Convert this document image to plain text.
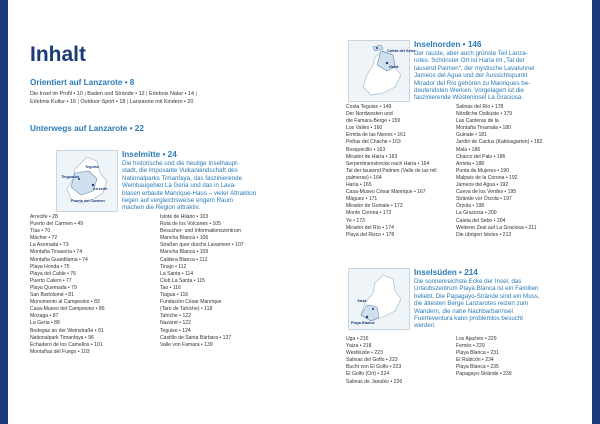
Inhalt
Orientiert auf Lanzarote • 8
Die Insel im Profil • 10 | Baden und Strände • 12 | Erlebnis Natur • 14 |
Erlebnis Kultur • 16 | Outdoor-Sport • 18 | Lanzarote mit Kindern • 20
Unterwegs auf Lanzarote • 22
Tinguaton
Teguise
Arrecife
Puerto del Carmen
Inselmitte • 24
Die historische und die heutige Inselhaupt-
stadt, die imposante Vulkanlandschaft des
Nationalparks Timanfaya, das faszinierende
Weinbaugebiet La Geria und das in Lava-
blasen erbaute Manrique-Haus – vieler Attraktion
liegen auf vergleichsweise engem Raum
machen die Region attraktiv.
Arrecife • 28
Puerto del Carmen • 49
Tías • 70
Mácher • 72
La Asomada • 73
Montaña Tinasoria • 74
Montaña Guardilama • 74
Playa Honda • 75
Playa del Cable • 76
Puerto Calero • 77
Playa Quemada • 79
San Bartolomé • 81
Monumento al Campesino • 83
Casa-Museo del Campesino • 86
Mozaga • 87
La Geria • 88
Bodegas an der Weinstraße • 91
Nationalpark Timanfaya • 96
Echadero de los Camellos • 101
Montañas del Fuego • 103
Islote de Hilario • 103
Ruta de los Volcanes • 105
Besucher- und Informationszentrum
Mancha Blanca • 106
Straßen quer durchs Lavameer • 107
Mancha Blanca • 109
Caldera Blanca • 112
Tinajo • 112
La Santa • 114
Club La Santa • 115
Tao • 116
Tiagua • 116
Fundación César Manrique
(Taro de Tahíche) • 118
Tahíche • 122
Nazaret • 122
Teguise • 124
Castillo de Santa Bárbara • 137
Valle von Famara • 139
Caleta del Sebo
Haría
Inselnorden • 146
Der rauste, aber auch grünste Teil Lanza-
rotes. Schönster Ort ist Haría im „Tal der
tausend Palmen“, der mystische Lavatunnel
Jameos del Agua und der Aussichtspunkt
Mirador del Río gehören zu Manriques be-
deutendsten Werken. Vorgelagert ist die
faszinierende Wüsteninsel La Graciosa.
Costa Teguise • 149
Der Nordwesten und
die Famara-Berge • 159
Los Valles • 160
Ermita de las Nieves • 161
Peñas del Chache • 163
Bosquecillo • 163
Mirador de Haría • 163
Serpentinenstrecke nach Haría • 164
Tal der tausend Palmen (Valle de las mil
palmeras) • 164
Haría • 165
Casa-Museo César Manrique • 167
Máguez • 171
Mirador de Guinate • 172
Monte Corona • 172
Ye • 173
Mirador del Río • 174
Playa del Risco • 178
Salinas del Río • 178
Nördliche Ostküste • 179
Las Canteras de la
Montaña Tinamala • 180
Guinate • 181
Jardín de Cactus (Kaktusgarten) • 182
Mala • 186
Charco del Palo • 186
Arrieta • 188
Punta de Mujeres • 190
Malpaís de la Corona • 192
Jameos del Agua • 192
Cueva de los Verdes • 195
Strände vor Órzola • 197
Órzola • 198
La Graciosa • 200
Caleta del Sebo • 204
Weiterer Zeal auf La Graciosa • 211
Die übrigen Islotes • 212
Yaiza
Playa Blanca
Inselsüden • 214
Die sonnenreichste Ecke der Insel, das
Urlaubszentrum Playa Blanca ist ein Familien
beliebt. Die Papagayo-Strände sind ein Muss,
die ältesten Berge Lanzarotes reizen zum
Wandern, die nahe Nachbarbarinsel
Fuerteventura kann problemlos besucht
werden.
Uga • 216
Yaiza • 218
Westküste • 223
Salinas del Golfo • 223
Bucht von El Golfo • 223
El Golfo (Ort) • 224
Salinas de Janubio • 226
Los Ajaches • 229
Femés • 229
Playa Blanca • 231
El Rubicón • 234
Playa Blanca • 235
Papagayo-Strände • 239
